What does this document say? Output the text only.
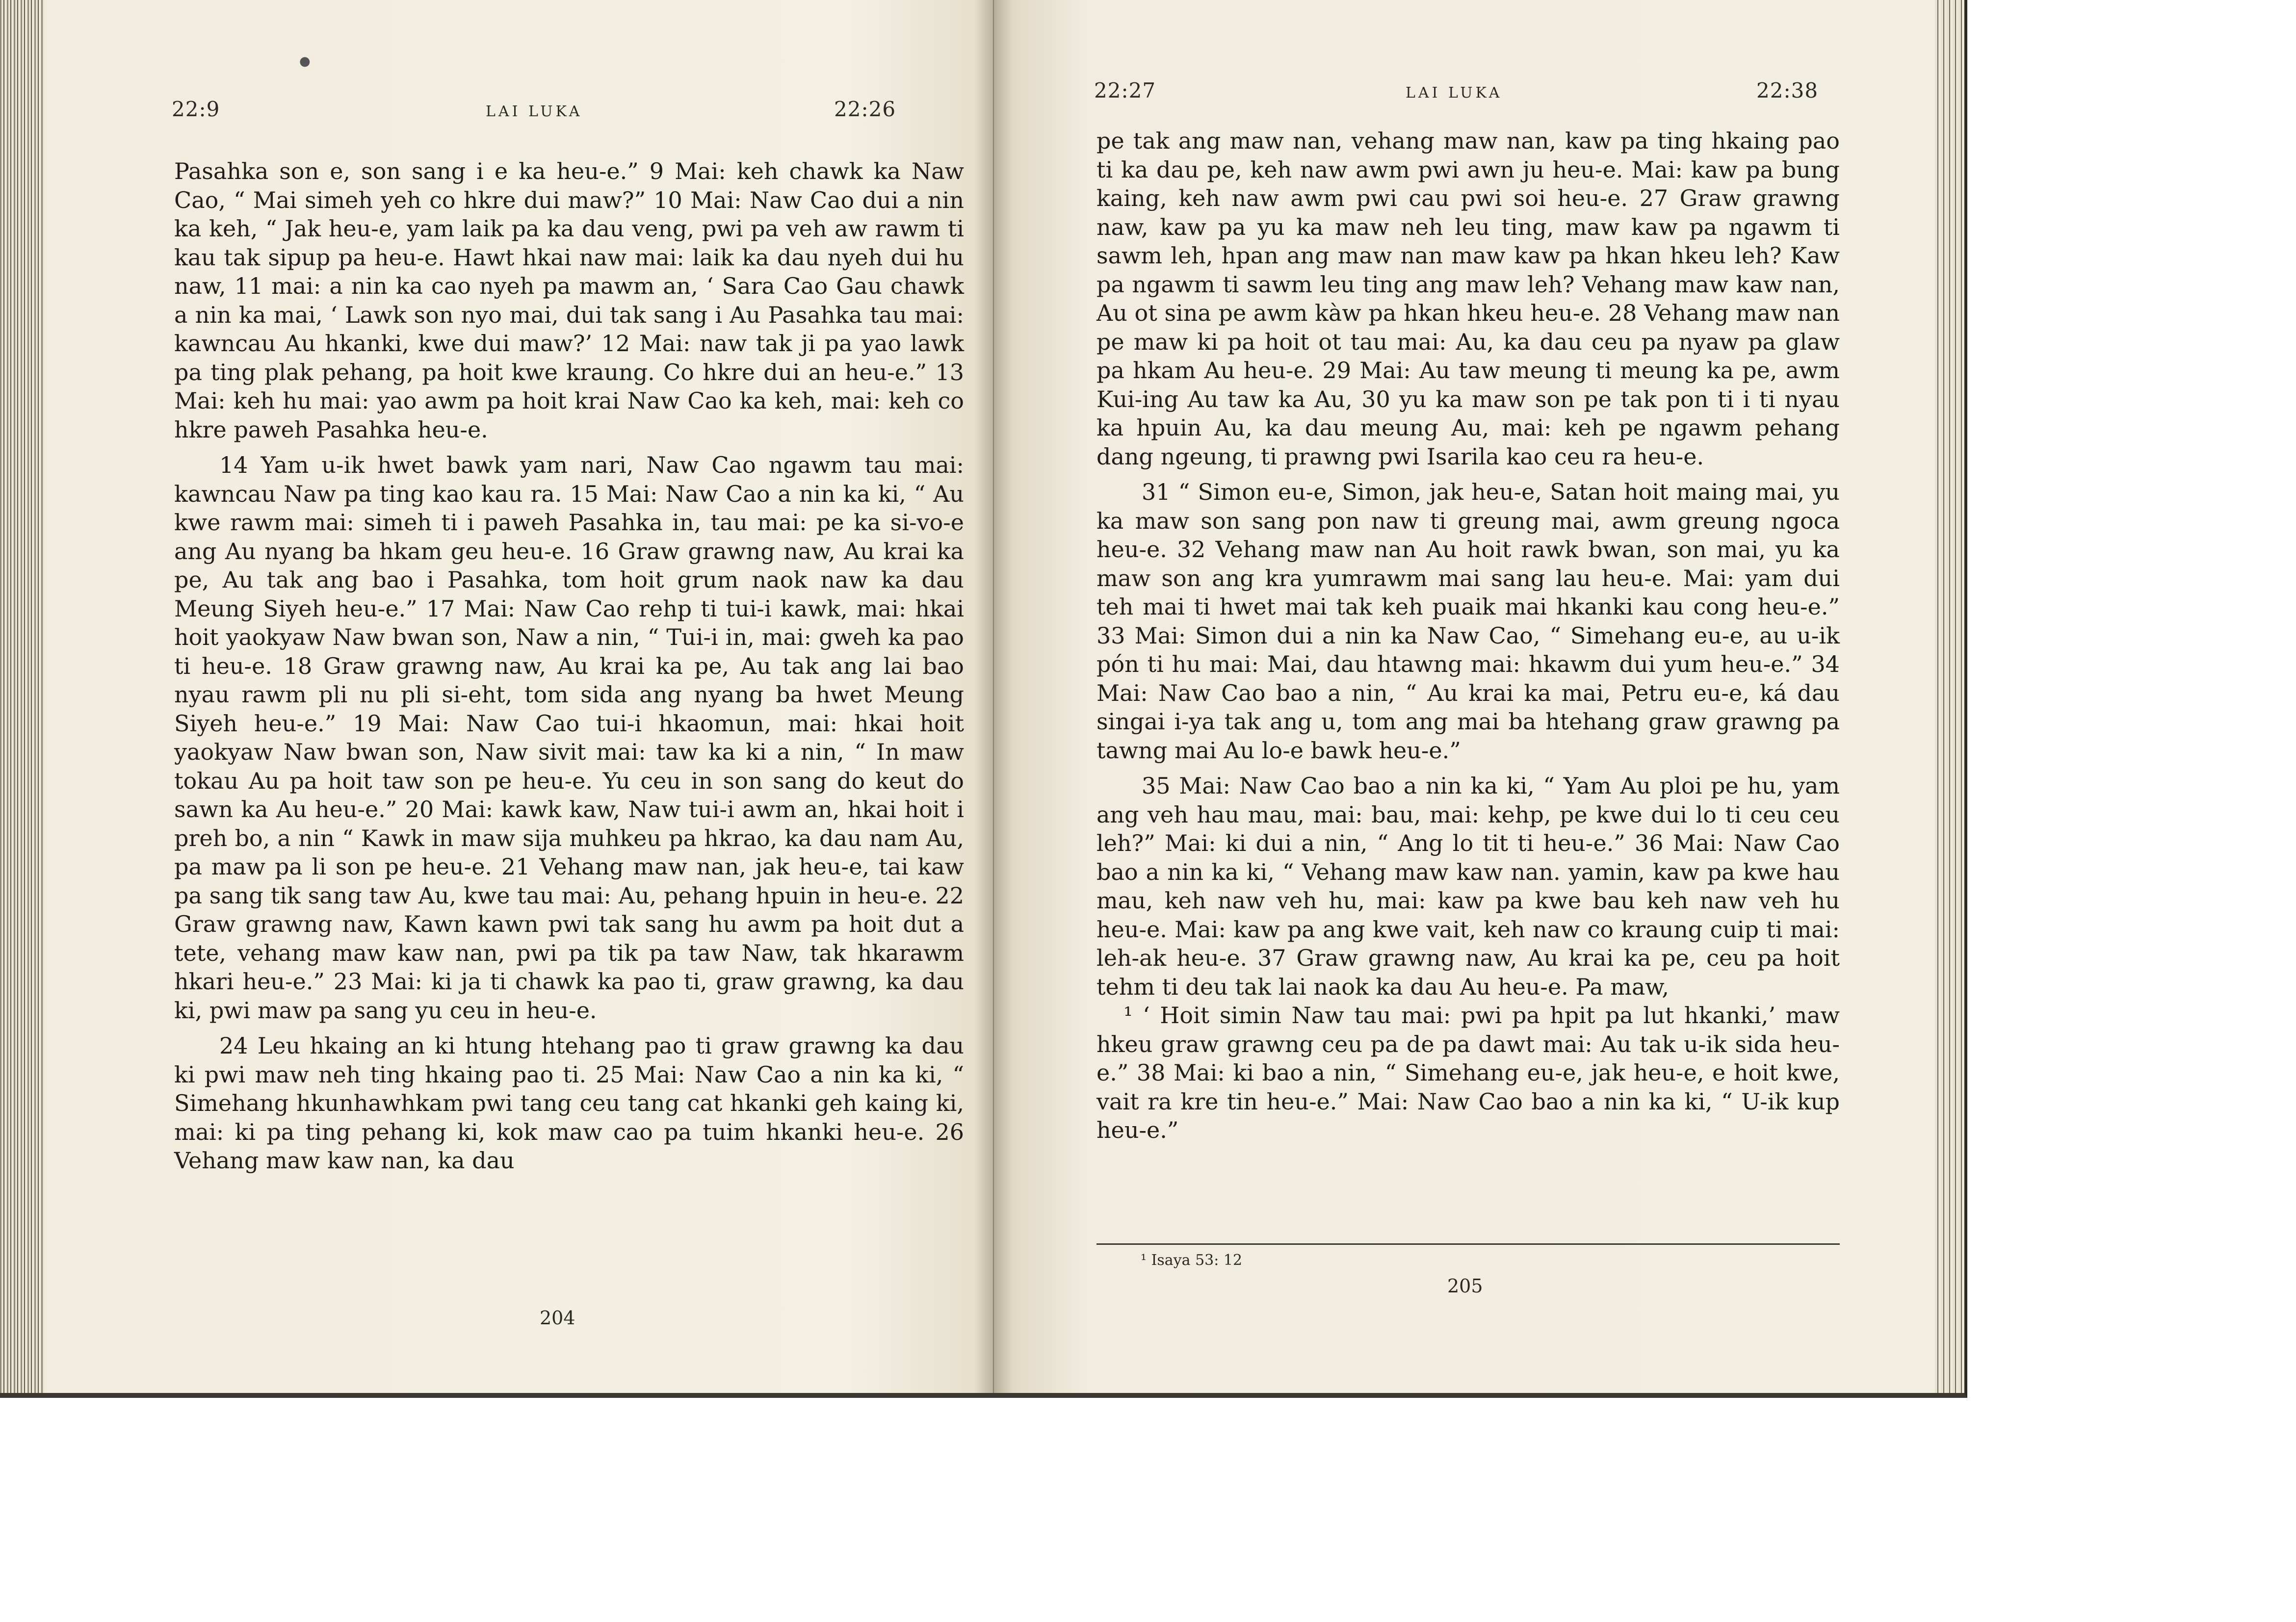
●
22:9	LAI LUKA	22:26

Pasahka son e, son sang i e ka heu-e.” 9 Mai: keh chawk ka Naw Cao, “ Mai simeh yeh co hkre dui maw?” 10 Mai: Naw Cao dui a nin ka keh, “ Jak heu-e, yam laik pa ka dau veng, pwi pa veh aw rawm ti kau tak sipup pa heu-e. Hawt hkai naw mai: laik ka dau nyeh dui hu naw, 11 mai: a nin ka cao nyeh pa mawm an, ‘ Sara Cao Gau chawk a nin ka mai, ‘ Lawk son nyo mai, dui tak sang i Au Pasahka tau mai: kawncau Au hkanki, kwe dui maw?’ 12 Mai: naw tak ji pa yao lawk pa ting plak pehang, pa hoit kwe kraung. Co hkre dui an heu-e.” 13 Mai: keh hu mai: yao awm pa hoit krai Naw Cao ka keh, mai: keh co hkre paweh Pasahka heu-e.

14 Yam u-ik hwet bawk yam nari, Naw Cao ngawm tau mai: kawncau Naw pa ting kao kau ra. 15 Mai: Naw Cao a nin ka ki, “ Au kwe rawm mai: simeh ti i paweh Pasahka in, tau mai: pe ka si-vo-e ang Au nyang ba hkam geu heu-e. 16 Graw grawng naw, Au krai ka pe, Au tak ang bao i Pasahka, tom hoit grum naok naw ka dau Meung Siyeh heu-e.” 17 Mai: Naw Cao rehp ti tui-i kawk, mai: hkai hoit yaokyaw Naw bwan son, Naw a nin, “ Tui-i in, mai: gweh ka pao ti heu-e. 18 Graw grawng naw, Au krai ka pe, Au tak ang lai bao nyau rawm pli nu pli si-eht, tom sida ang nyang ba hwet Meung Siyeh heu-e.” 19 Mai: Naw Cao tui-i hkaomun, mai: hkai hoit yaokyaw Naw bwan son, Naw sivit mai: taw ka ki a nin, “ In maw tokau Au pa hoit taw son pe heu-e. Yu ceu in son sang do keut do sawn ka Au heu-e.” 20 Mai: kawk kaw, Naw tui-i awm an, hkai hoit i preh bo, a nin “ Kawk in maw sija muhkeu pa hkrao, ka dau nam Au, pa maw pa li son pe heu-e. 21 Vehang maw nan, jak heu-e, tai kaw pa sang tik sang taw Au, kwe tau mai: Au, pehang hpuin in heu-e. 22 Graw grawng naw, Kawn kawn pwi tak sang hu awm pa hoit dut a tete, vehang maw kaw nan, pwi pa tik pa taw Naw, tak hkarawm hkari heu-e.” 23 Mai: ki ja ti chawk ka pao ti, graw grawng, ka dau ki, pwi maw pa sang yu ceu in heu-e.

24 Leu hkaing an ki htung htehang pao ti graw grawng ka dau ki pwi maw neh ting hkaing pao ti. 25 Mai: Naw Cao a nin ka ki, “ Simehang hkunhawhkam pwi tang ceu tang cat hkanki geh kaing ki, mai: ki pa ting pehang ki, kok maw cao pa tuim hkanki heu-e. 26 Vehang maw kaw nan, ka dau

204
22:27	LAI LUKA	22:38

pe tak ang maw nan, vehang maw nan, kaw pa ting hkaing pao ti ka dau pe, keh naw awm pwi awn ju heu-e. Mai: kaw pa bung kaing, keh naw awm pwi cau pwi soi heu-e. 27 Graw grawng naw, kaw pa yu ka maw neh leu ting, maw kaw pa ngawm ti sawm leh, hpan ang maw nan maw kaw pa hkan hkeu leh? Kaw pa ngawm ti sawm leu ting ang maw leh? Vehang maw kaw nan, Au ot sina pe awm kàw pa hkan hkeu heu-e. 28 Vehang maw nan pe maw ki pa hoit ot tau mai: Au, ka dau ceu pa nyaw pa glaw pa hkam Au heu-e. 29 Mai: Au taw meung ti meung ka pe, awm Kui-ing Au taw ka Au, 30 yu ka maw son pe tak pon ti i ti nyau ka hpuin Au, ka dau meung Au, mai: keh pe ngawm pehang dang ngeung, ti prawng pwi Isarila kao ceu ra heu-e.

31 “ Simon eu-e, Simon, jak heu-e, Satan hoit maing mai, yu ka maw son sang pon naw ti greung mai, awm greung ngoca heu-e. 32 Vehang maw nan Au hoit rawk bwan, son mai, yu ka maw son ang kra yumrawm mai sang lau heu-e. Mai: yam dui teh mai ti hwet mai tak keh puaik mai hkanki kau cong heu-e.” 33 Mai: Simon dui a nin ka Naw Cao, “ Simehang eu-e, au u-ik pón ti hu mai: Mai, dau htawng mai: hkawm dui yum heu-e.” 34 Mai: Naw Cao bao a nin, “ Au krai ka mai, Petru eu-e, ká dau singai i-ya tak ang u, tom ang mai ba htehang graw grawng pa tawng mai Au lo-e bawk heu-e.”

35 Mai: Naw Cao bao a nin ka ki, “ Yam Au ploi pe hu, yam ang veh hau mau, mai: bau, mai: kehp, pe kwe dui lo ti ceu ceu leh?” Mai: ki dui a nin, “ Ang lo tit ti heu-e.” 36 Mai: Naw Cao bao a nin ka ki, “ Vehang maw kaw nan. yamin, kaw pa kwe hau mau, keh naw veh hu, mai: kaw pa kwe bau keh naw veh hu heu-e. Mai: kaw pa ang kwe vait, keh naw co kraung cuip ti mai: leh-ak heu-e. 37 Graw grawng naw, Au krai ka pe, ceu pa hoit tehm ti deu tak lai naok ka dau Au heu-e. Pa maw,

¹ ‘ Hoit simin Naw tau mai: pwi pa hpit pa lut hkanki,’ maw hkeu graw grawng ceu pa de pa dawt mai: Au tak u-ik sida heu-e.” 38 Mai: ki bao a nin, “ Simehang eu-e, jak heu-e, e hoit kwe, vait ra kre tin heu-e.” Mai: Naw Cao bao a nin ka ki, “ U-ik kup heu-e.”

¹ Isaya 53: 12
205
